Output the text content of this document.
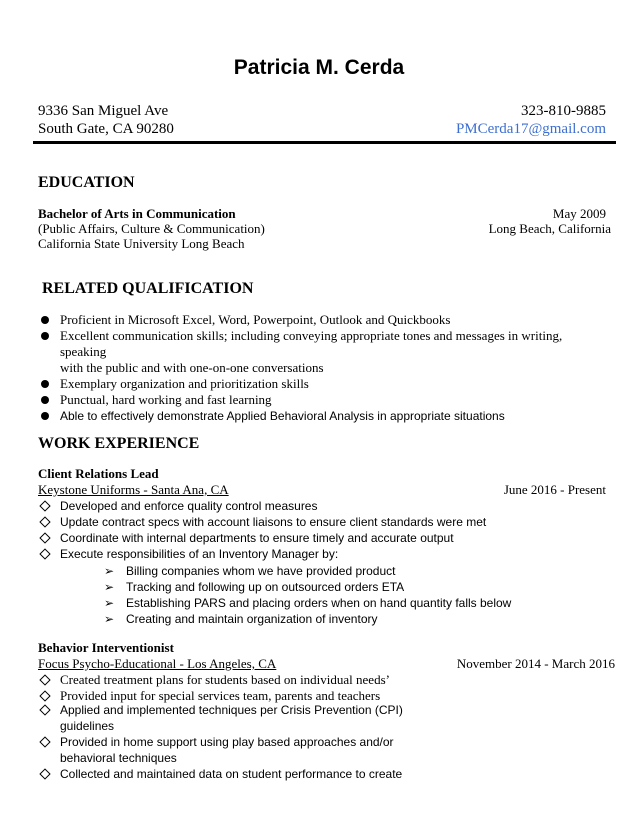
Patricia M. Cerda
9336 San Miguel Ave	323-810-9885
South Gate, CA 90280	PMCerda17@gmail.com
EDUCATION
Bachelor of Arts in Communication	May 2009
(Public Affairs, Culture & Communication)	Long Beach, California
California State University Long Beach
RELATED QUALIFICATION
Proficient in Microsoft Excel, Word, Powerpoint, Outlook and Quickbooks
Excellent communication skills; including conveying appropriate tones and messages in writing, speaking
with the public and with one-on-one conversations
Exemplary organization and prioritization skills
Punctual, hard working and fast learning
Able to effectively demonstrate Applied Behavioral Analysis in appropriate situations
WORK EXPERIENCE
Client Relations Lead
Keystone Uniforms - Santa Ana, CA	June 2016 - Present
Developed and enforce quality control measures
Update contract specs with account liaisons to ensure client standards were met
Coordinate with internal departments to ensure timely and accurate output
Execute responsibilities of an Inventory Manager by:
➢ Billing companies whom we have provided product
➢ Tracking and following up on outsourced orders ETA
➢ Establishing PARS and placing orders when on hand quantity falls below
➢ Creating and maintain organization of inventory
Behavior Interventionist
Focus Psycho-Educational - Los Angeles, CA	November 2014 - March 2016
Created treatment plans for students based on individual needs’
Provided input for special services team, parents and teachers
Applied and implemented techniques per Crisis Prevention (CPI)
guidelines
Provided in home support using play based approaches and/or
behavioral techniques
Collected and maintained data on student performance to create
